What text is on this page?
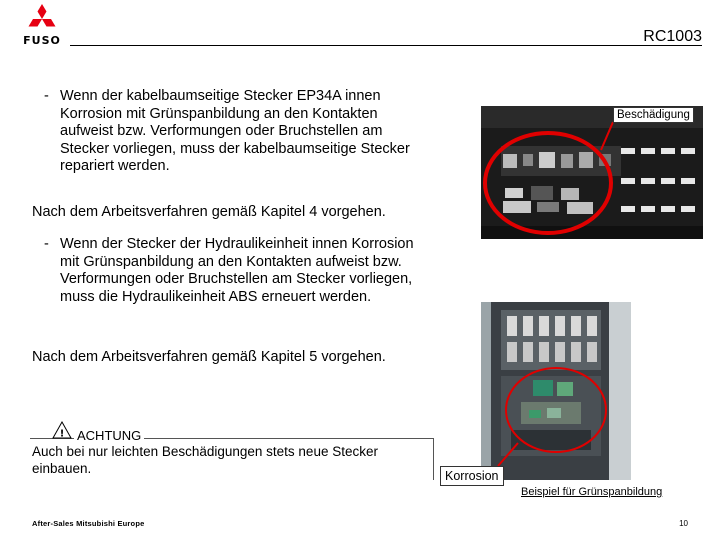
FUSO	RC1003
- Wenn der kabelbaumseitige Stecker EP34A innen Korrosion mit Grünspanbildung an den Kontakten aufweist bzw. Verformungen oder Bruchstellen am Stecker vorliegen, muss der kabelbaumseitige Stecker repariert werden.
Nach dem Arbeitsverfahren gemäß Kapitel 4 vorgehen.
- Wenn der Stecker der Hydraulikeinheit innen Korrosion mit Grünspanbildung an den Kontakten aufweist bzw. Verformungen oder Bruchstellen am Stecker vorliegen, muss die Hydraulikeinheit ABS erneuert werden.
Nach dem Arbeitsverfahren gemäß Kapitel 5 vorgehen.
! ACHTUNG
Auch bei nur leichten Beschädigungen stets neue Stecker einbauen.
Beschädigung
Korrosion
Beispiel für Grünspanbildung
After-Sales Mitsubishi Europe	10
